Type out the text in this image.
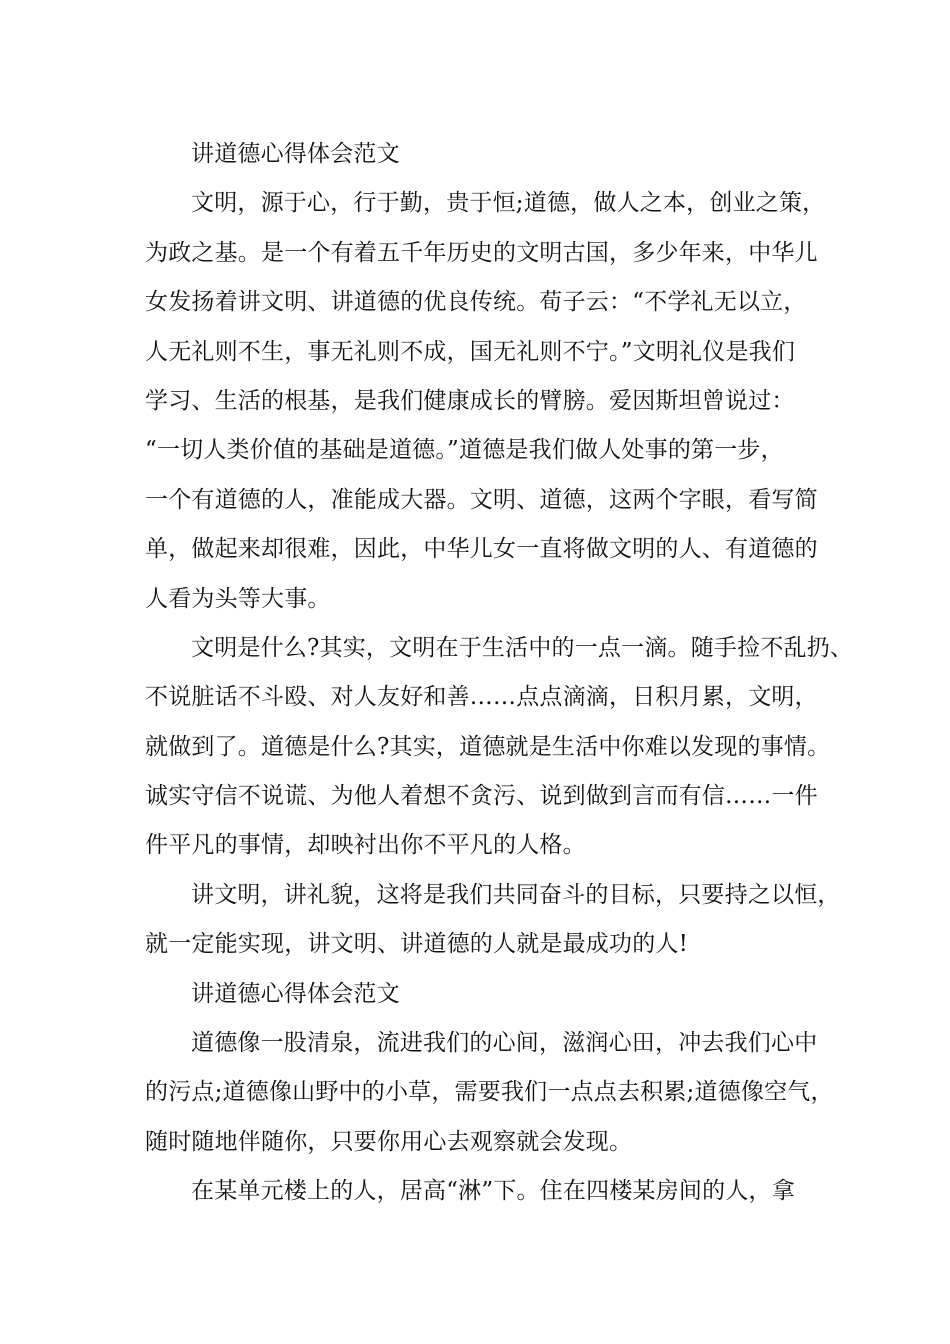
讲道德心得体会范文
文明，源于心，行于勤，贵于恒;道德，做人之本，创业之策，
为政之基。是一个有着五千年历史的文明古国，多少年来，中华儿
女发扬着讲文明、讲道德的优良传统。荀子云：“不学礼无以立，
人无礼则不生，事无礼则不成，国无礼则不宁。”文明礼仪是我们
学习、生活的根基，是我们健康成长的臂膀。爱因斯坦曾说过：
“一切人类价值的基础是道德。”道德是我们做人处事的第一步，
一个有道德的人，准能成大器。文明、道德，这两个字眼，看写简
单，做起来却很难，因此，中华儿女一直将做文明的人、有道德的
人看为头等大事。
文明是什么?其实，文明在于生活中的一点一滴。随手捡不乱扔、
不说脏话不斗殴、对人友好和善……点点滴滴，日积月累，文明，
就做到了。道德是什么?其实，道德就是生活中你难以发现的事情。
诚实守信不说谎、为他人着想不贪污、说到做到言而有信……一件
件平凡的事情，却映衬出你不平凡的人格。
讲文明，讲礼貌，这将是我们共同奋斗的目标，只要持之以恒，
就一定能实现，讲文明、讲道德的人就是最成功的人!
讲道德心得体会范文
道德像一股清泉，流进我们的心间，滋润心田，冲去我们心中
的污点;道德像山野中的小草，需要我们一点点去积累;道德像空气，
随时随地伴随你，只要你用心去观察就会发现。
在某单元楼上的人，居高“淋”下。住在四楼某房间的人，拿
